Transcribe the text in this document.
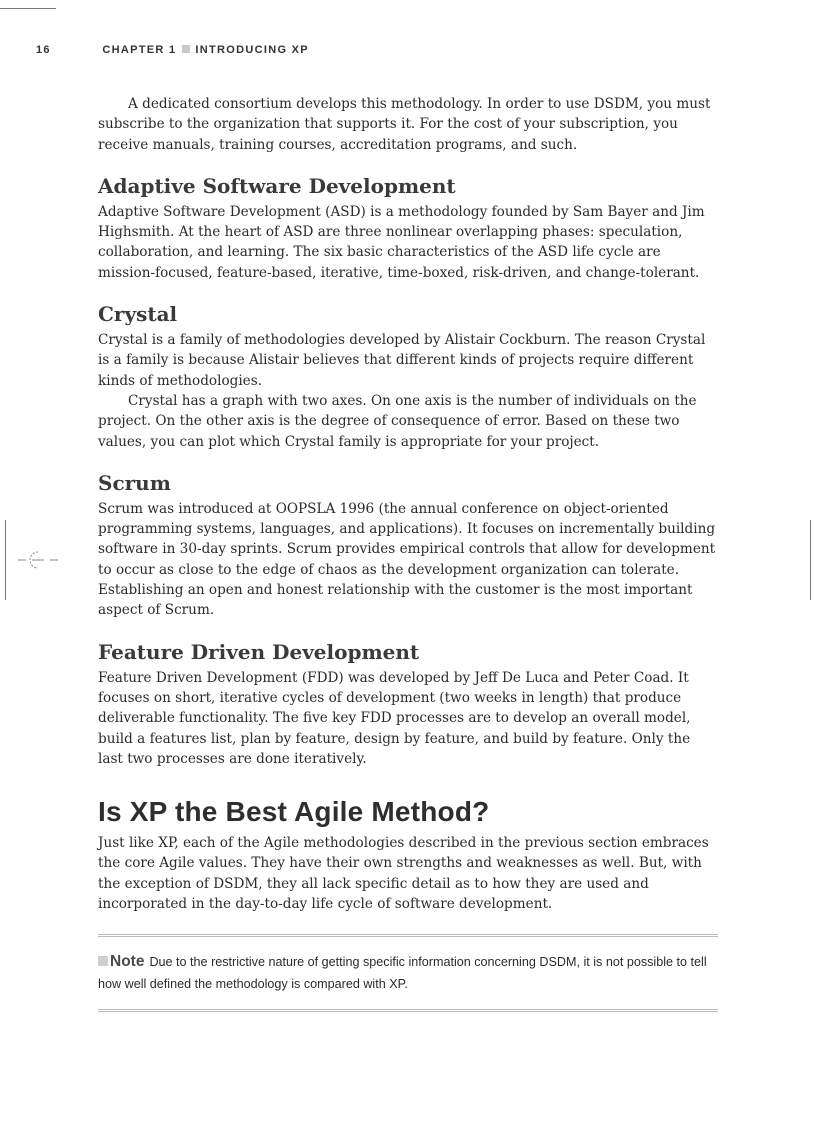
16	CHAPTER 1 INTRODUCING XP

A dedicated consortium develops this methodology. In order to use DSDM, you must subscribe to the organization that supports it. For the cost of your subscription, you receive manuals, training courses, accreditation programs, and such.

Adaptive Software Development

Adaptive Software Development (ASD) is a methodology founded by Sam Bayer and Jim Highsmith. At the heart of ASD are three nonlinear overlapping phases: speculation, collaboration, and learning. The six basic characteristics of the ASD life cycle are mission-focused, feature-based, iterative, time-boxed, risk-driven, and change-tolerant.

Crystal

Crystal is a family of methodologies developed by Alistair Cockburn. The reason Crystal is a family is because Alistair believes that different kinds of projects require different kinds of methodologies.

Crystal has a graph with two axes. On one axis is the number of individuals on the project. On the other axis is the degree of consequence of error. Based on these two values, you can plot which Crystal family is appropriate for your project.

Scrum

Scrum was introduced at OOPSLA 1996 (the annual conference on object-oriented programming systems, languages, and applications). It focuses on incrementally building software in 30-day sprints. Scrum provides empirical controls that allow for development to occur as close to the edge of chaos as the development organization can tolerate. Establishing an open and honest relationship with the customer is the most important aspect of Scrum.

Feature Driven Development

Feature Driven Development (FDD) was developed by Jeff De Luca and Peter Coad. It focuses on short, iterative cycles of development (two weeks in length) that produce deliverable functionality. The five key FDD processes are to develop an overall model, build a features list, plan by feature, design by feature, and build by feature. Only the last two processes are done iteratively.

Is XP the Best Agile Method?

Just like XP, each of the Agile methodologies described in the previous section embraces the core Agile values. They have their own strengths and weaknesses as well. But, with the exception of DSDM, they all lack specific detail as to how they are used and incorporated in the day-to-day life cycle of software development.

Note Due to the restrictive nature of getting specific information concerning DSDM, it is not possible to tell how well defined the methodology is compared with XP.
